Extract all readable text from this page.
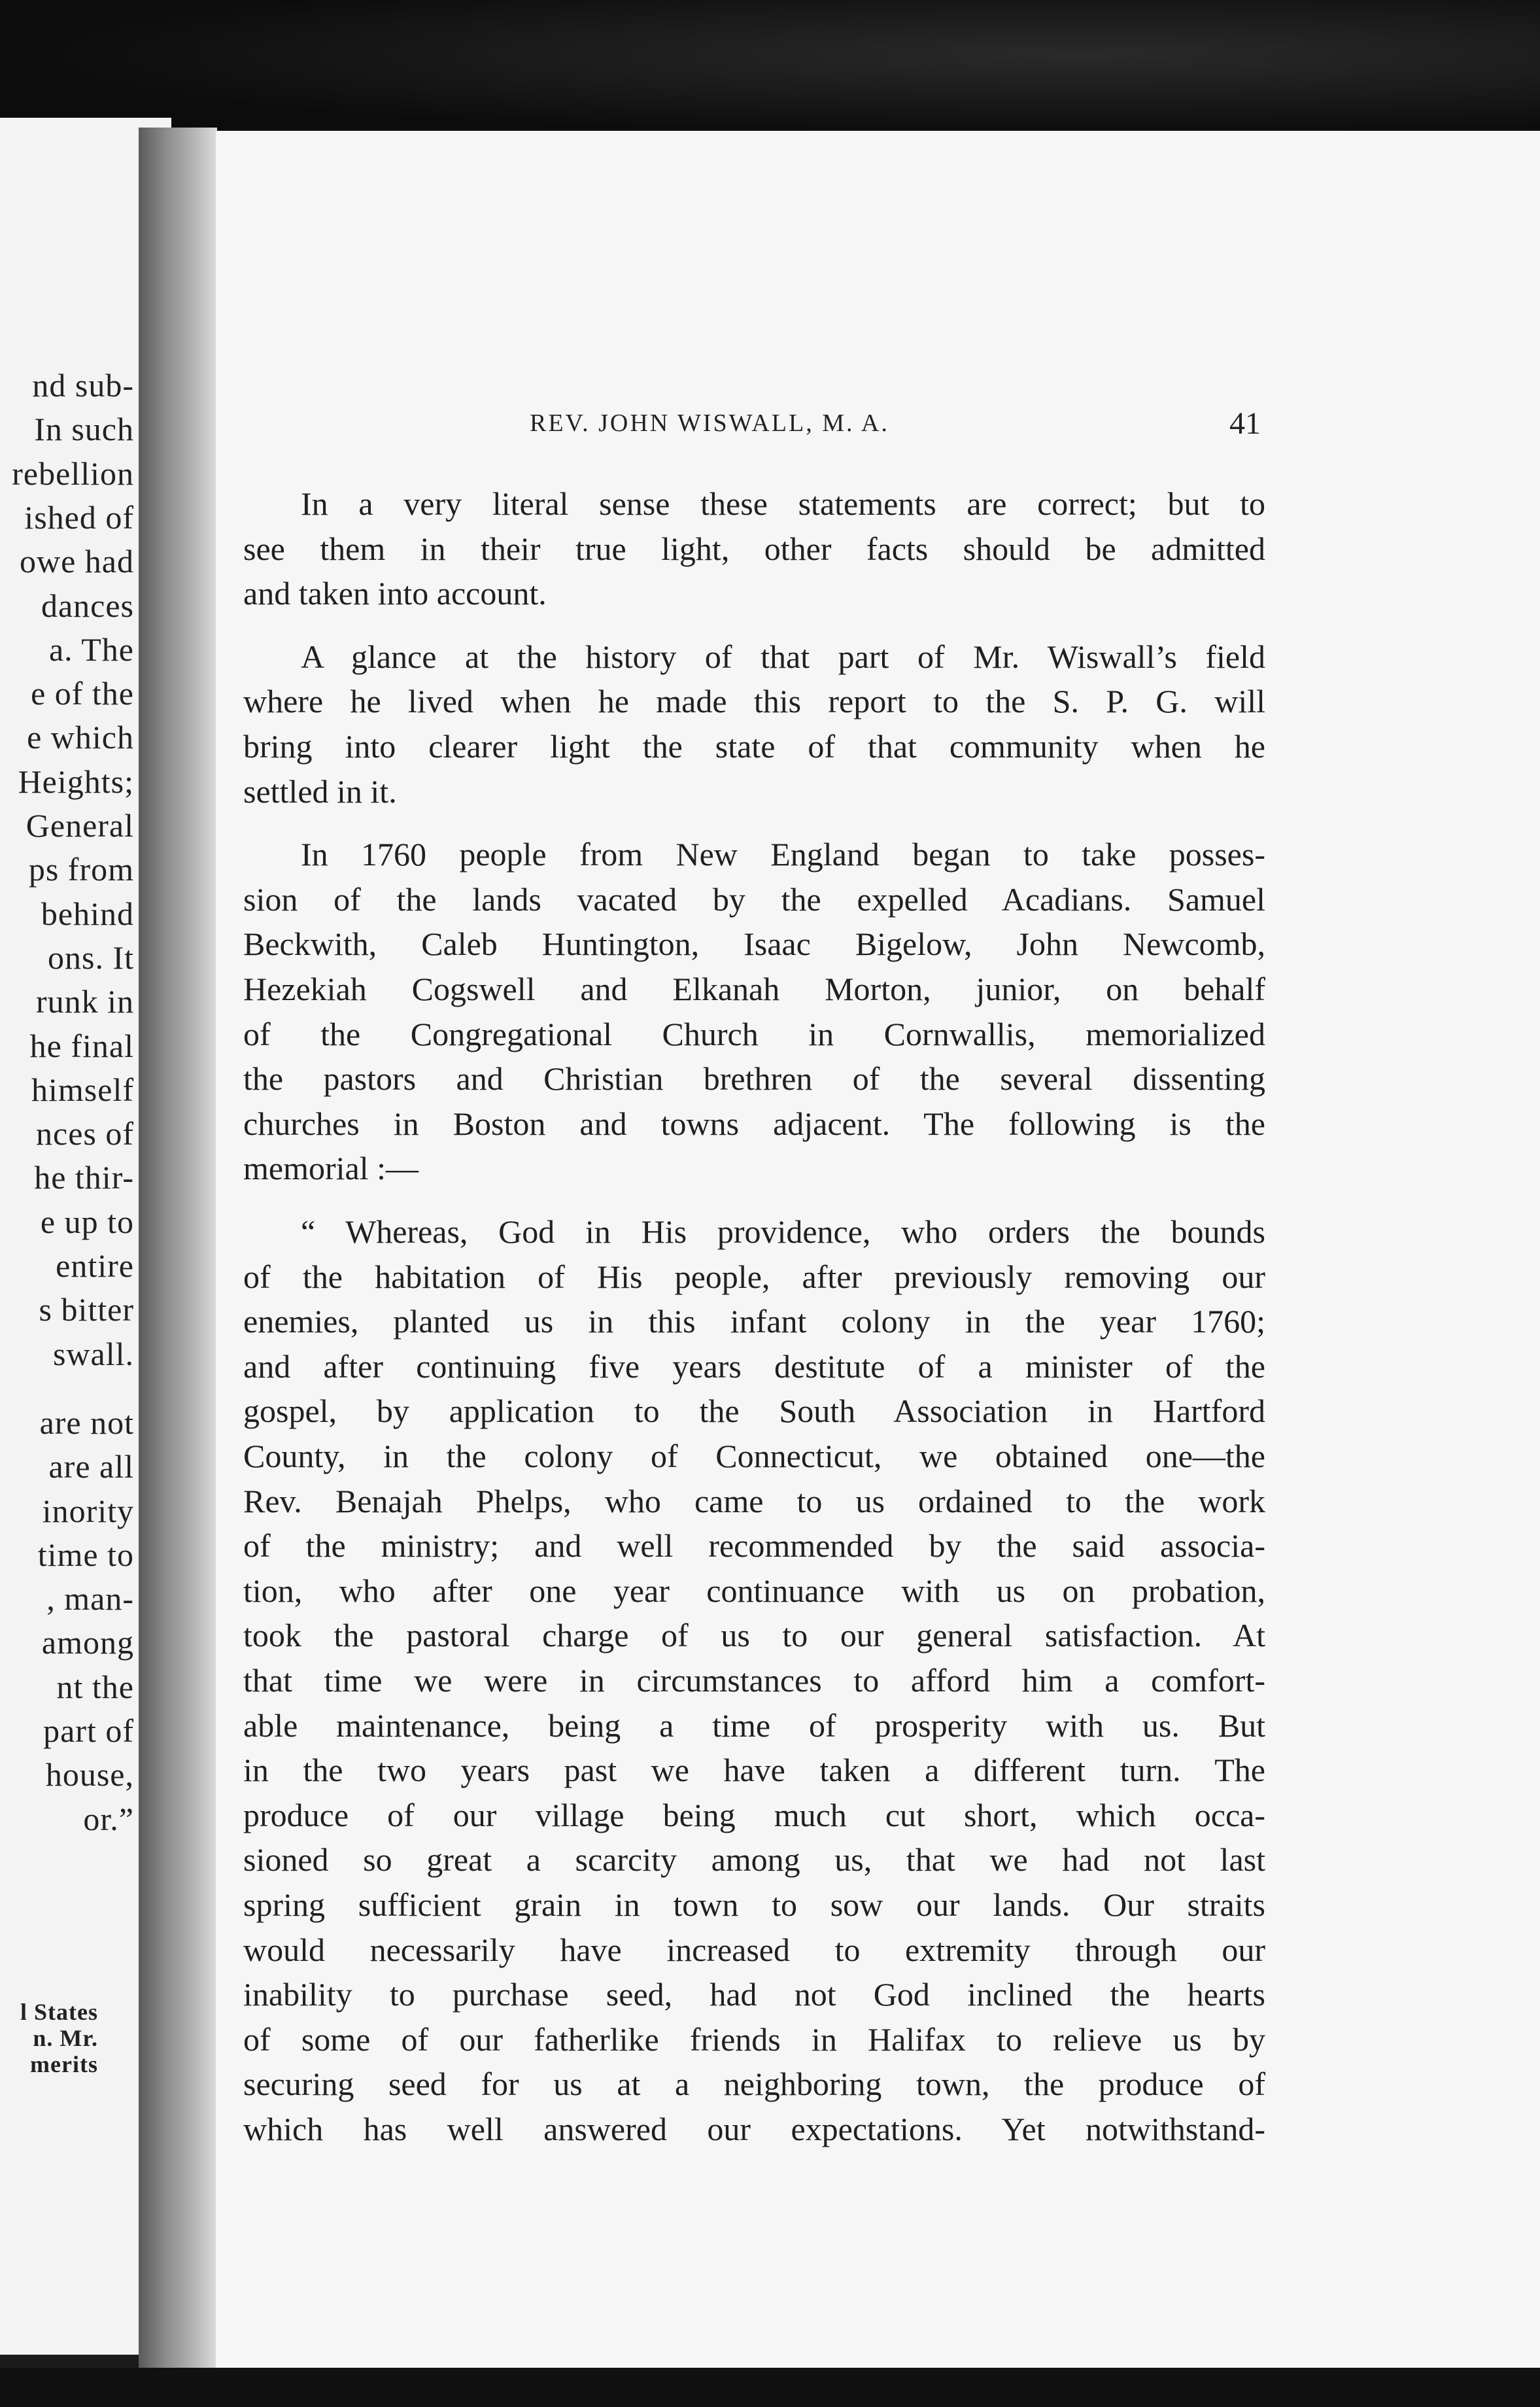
nd sub-
In such
rebellion
ished of
owe had
dances
a. The
e of the
e which
Heights;
General
ps from
behind
ons. It
runk in
he final
himself
nces of
he thir-
e up to
entire
s bitter
swall.
are not
are all
inority
time to
, man-
among
nt the
part of
house,
or.”
l States
n. Mr.
merits
REV. JOHN WISWALL, M. A.	41
In a very literal sense these statements are correct; but to
see them in their true light, other facts should be admitted
and taken into account.
A glance at the history of that part of Mr. Wiswall’s field
where he lived when he made this report to the S. P. G. will
bring into clearer light the state of that community when he
settled in it.
In 1760 people from New England began to take posses-
sion of the lands vacated by the expelled Acadians. Samuel
Beckwith, Caleb Huntington, Isaac Bigelow, John Newcomb,
Hezekiah Cogswell and Elkanah Morton, junior, on behalf
of the Congregational Church in Cornwallis, memorialized
the pastors and Christian brethren of the several dissenting
churches in Boston and towns adjacent. The following is the
memorial :—
“ Whereas, God in His providence, who orders the bounds
of the habitation of His people, after previously removing our
enemies, planted us in this infant colony in the year 1760;
and after continuing five years destitute of a minister of the
gospel, by application to the South Association in Hartford
County, in the colony of Connecticut, we obtained one—the
Rev. Benajah Phelps, who came to us ordained to the work
of the ministry; and well recommended by the said associa-
tion, who after one year continuance with us on probation,
took the pastoral charge of us to our general satisfaction. At
that time we were in circumstances to afford him a comfort-
able maintenance, being a time of prosperity with us. But
in the two years past we have taken a different turn. The
produce of our village being much cut short, which occa-
sioned so great a scarcity among us, that we had not last
spring sufficient grain in town to sow our lands. Our straits
would necessarily have increased to extremity through our
inability to purchase seed, had not God inclined the hearts
of some of our fatherlike friends in Halifax to relieve us by
securing seed for us at a neighboring town, the produce of
which has well answered our expectations. Yet notwithstand-
